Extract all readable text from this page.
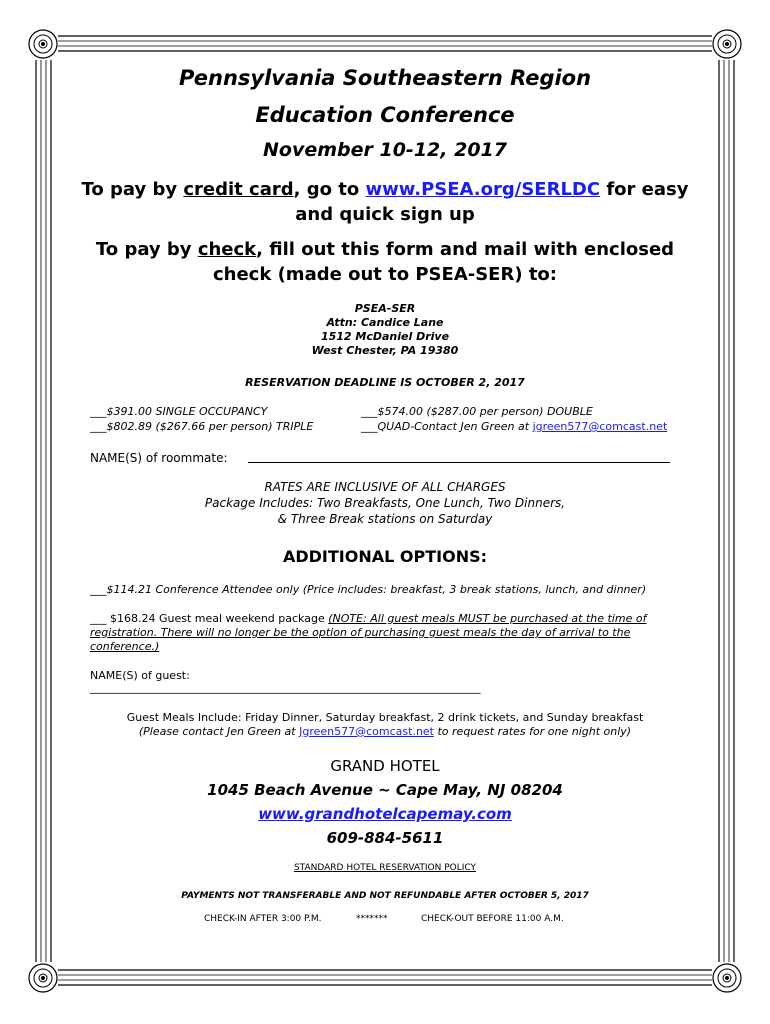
Pennsylvania Southeastern Region
Education Conference
November 10-12, 2017
To pay by credit card, go to www.PSEA.org/SERLDC for easy
and quick sign up
To pay by check, fill out this form and mail with enclosed
check (made out to PSEA-SER) to:
PSEA-SER
Attn: Candice Lane
1512 McDaniel Drive
West Chester, PA 19380
RESERVATION DEADLINE IS OCTOBER 2, 2017
___$391.00 SINGLE OCCUPANCY
___$802.89 ($267.66 per person) TRIPLE
___$574.00 ($287.00 per person) DOUBLE
___QUAD-Contact Jen Green at jgreen577@comcast.net
NAME(S) of roommate:
RATES ARE INCLUSIVE OF ALL CHARGES
Package Includes: Two Breakfasts, One Lunch, Two Dinners,
& Three Break stations on Saturday
ADDITIONAL OPTIONS:
___$114.21 Conference Attendee only (Price includes: breakfast, 3 break stations, lunch, and dinner)
___ $168.24 Guest meal weekend package (NOTE: All guest meals MUST be purchased at the time of
registration. There will no longer be the option of purchasing guest meals the day of arrival to the
conference.)
NAME(S) of guest:
_______________________________________________________________________
Guest Meals Include: Friday Dinner, Saturday breakfast, 2 drink tickets, and Sunday breakfast
(Please contact Jen Green at Jgreen577@comcast.net to request rates for one night only)
GRAND HOTEL
1045 Beach Avenue ~ Cape May, NJ 08204
www.grandhotelcapemay.com
609-884-5611
STANDARD HOTEL RESERVATION POLICY
PAYMENTS NOT TRANSFERABLE AND NOT REFUNDABLE AFTER OCTOBER 5, 2017
CHECK-IN AFTER 3:00 P.M.	*******	CHECK-OUT BEFORE 11:00 A.M.
